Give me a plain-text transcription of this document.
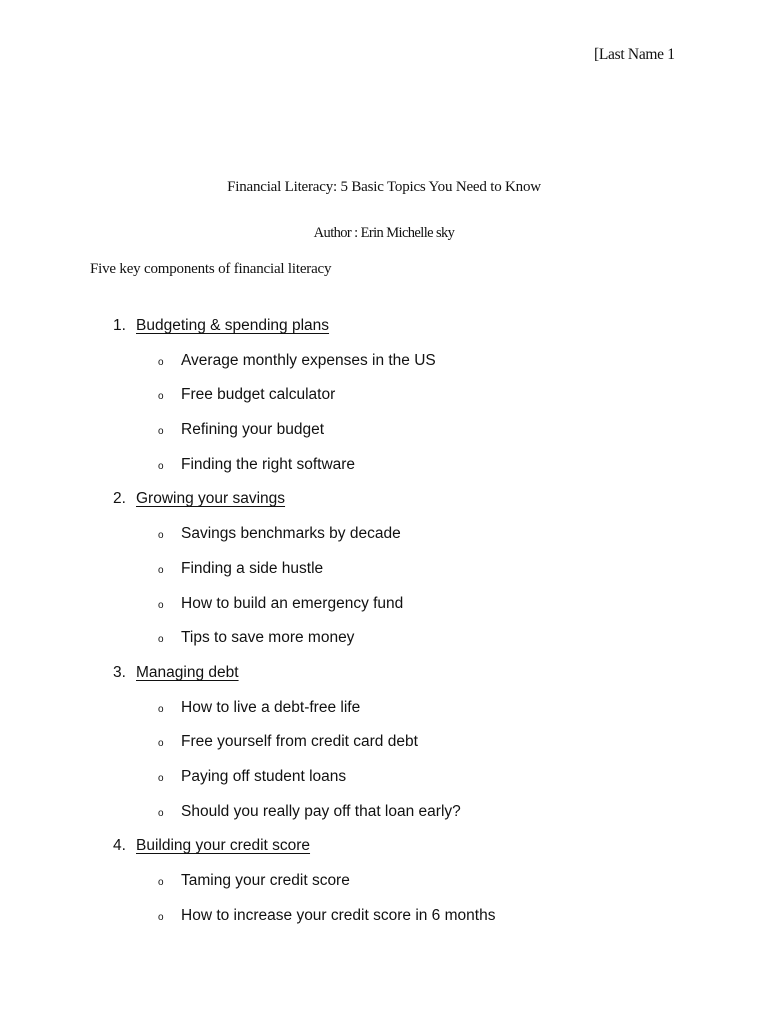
[Last Name 1
Financial Literacy: 5 Basic Topics You Need to Know
Author : Erin Michelle sky
Five key components of financial literacy
1. Budgeting & spending plans
o Average monthly expenses in the US
o Free budget calculator
o Refining your budget
o Finding the right software
2. Growing your savings
o Savings benchmarks by decade
o Finding a side hustle
o How to build an emergency fund
o Tips to save more money
3. Managing debt
o How to live a debt-free life
o Free yourself from credit card debt
o Paying off student loans
o Should you really pay off that loan early?
4. Building your credit score
o Taming your credit score
o How to increase your credit score in 6 months
